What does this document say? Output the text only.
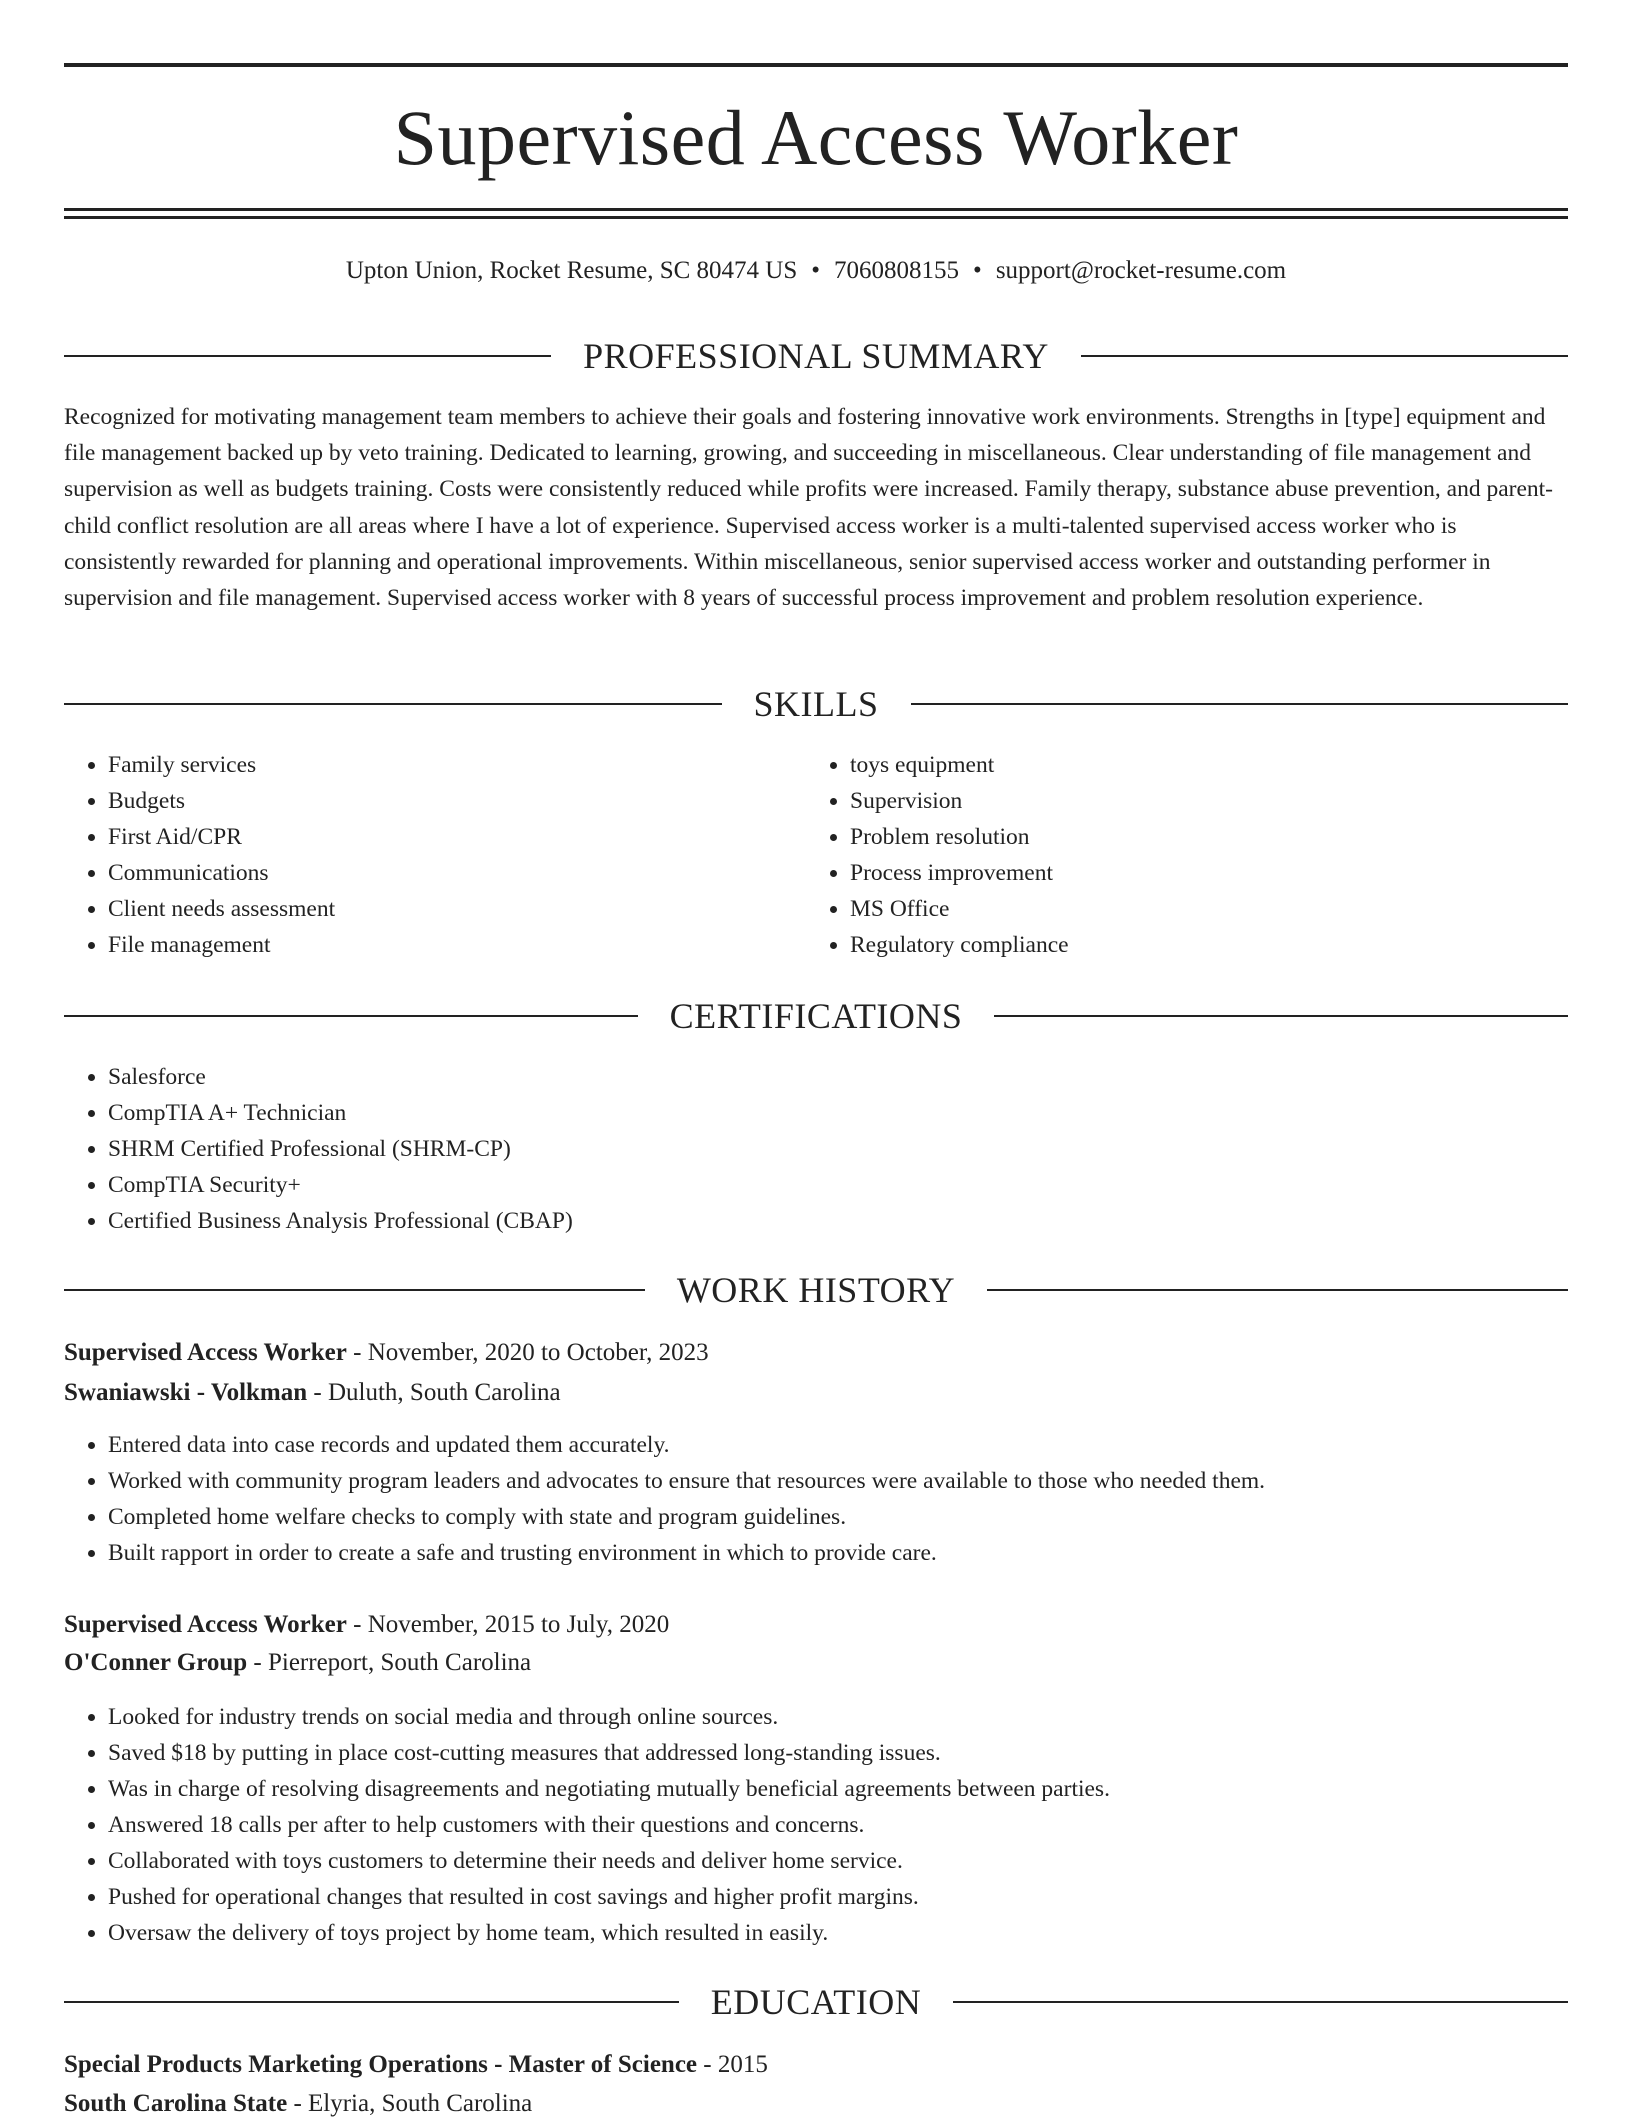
Supervised Access Worker
Upton Union, Rocket Resume, SC 80474 US • 7060808155 • support@rocket-resume.com
PROFESSIONAL SUMMARY

Recognized for motivating management team members to achieve their goals and fostering innovative work environments. Strengths in [type] equipment and file management backed up by veto training. Dedicated to learning, growing, and succeeding in miscellaneous. Clear understanding of file management and supervision as well as budgets training. Costs were consistently reduced while profits were increased. Family therapy, substance abuse prevention, and parent-child conflict resolution are all areas where I have a lot of experience. Supervised access worker is a multi-talented supervised access worker who is consistently rewarded for planning and operational improvements. Within miscellaneous, senior supervised access worker and outstanding performer in supervision and file management. Supervised access worker with 8 years of successful process improvement and problem resolution experience.

SKILLS
• Family services
• Budgets
• First Aid/CPR
• Communications
• Client needs assessment
• File management
• toys equipment
• Supervision
• Problem resolution
• Process improvement
• MS Office
• Regulatory compliance
CERTIFICATIONS
• Salesforce
• CompTIA A+ Technician
• SHRM Certified Professional (SHRM-CP)
• CompTIA Security+
• Certified Business Analysis Professional (CBAP)
WORK HISTORY
Supervised Access Worker - November, 2020 to October, 2023
Swaniawski - Volkman - Duluth, South Carolina
• Entered data into case records and updated them accurately.
• Worked with community program leaders and advocates to ensure that resources were available to those who needed them.
• Completed home welfare checks to comply with state and program guidelines.
• Built rapport in order to create a safe and trusting environment in which to provide care.
Supervised Access Worker - November, 2015 to July, 2020
O'Conner Group - Pierreport, South Carolina
• Looked for industry trends on social media and through online sources.
• Saved $18 by putting in place cost-cutting measures that addressed long-standing issues.
• Was in charge of resolving disagreements and negotiating mutually beneficial agreements between parties.
• Answered 18 calls per after to help customers with their questions and concerns.
• Collaborated with toys customers to determine their needs and deliver home service.
• Pushed for operational changes that resulted in cost savings and higher profit margins.
• Oversaw the delivery of toys project by home team, which resulted in easily.
EDUCATION
Special Products Marketing Operations - Master of Science - 2015
South Carolina State - Elyria, South Carolina
